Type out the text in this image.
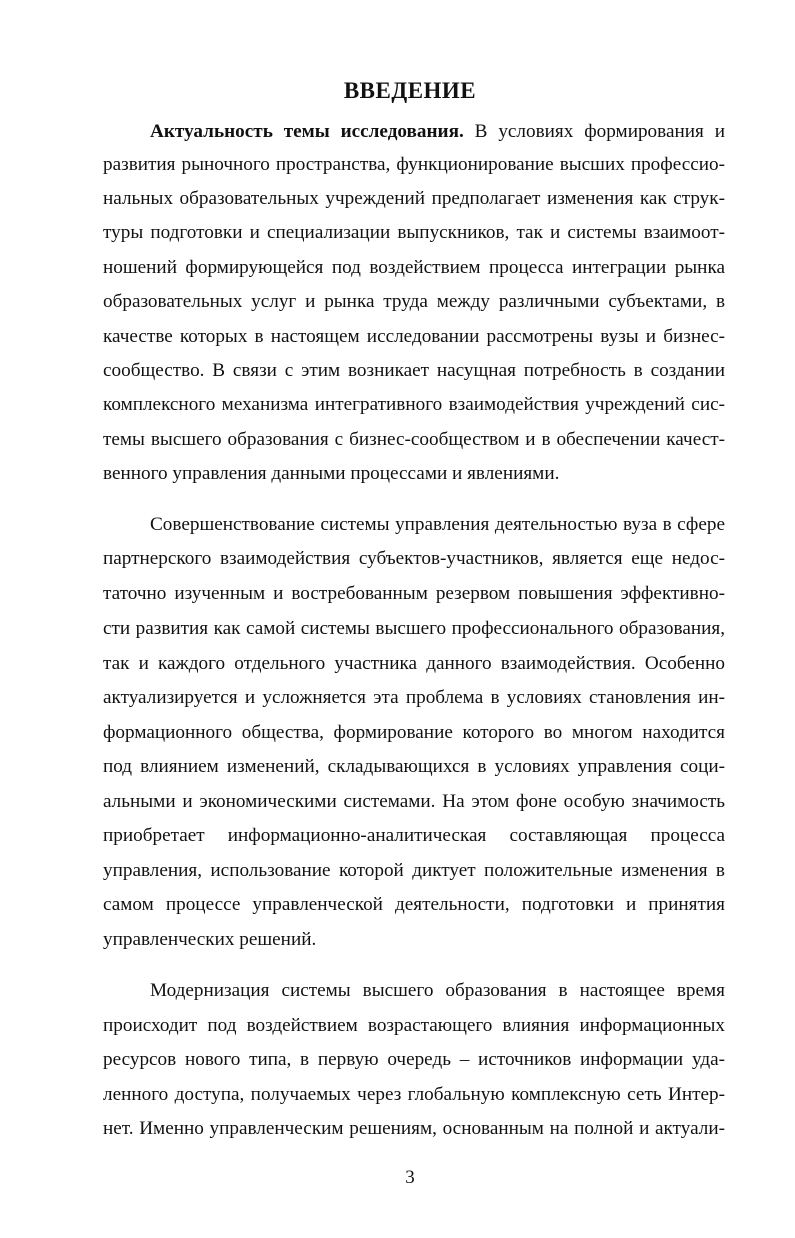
ВВЕДЕНИЕ
Актуальность темы исследования. В условиях формирования и
развития рыночного пространства, функционирование высших профессио-
нальных образовательных учреждений предполагает изменения как струк-
туры подготовки и специализации выпускников, так и системы взаимоот-
ношений формирующейся под воздействием процесса интеграции рынка
образовательных услуг и рынка труда между различными субъектами, в
качестве которых в настоящем исследовании рассмотрены вузы и бизнес-
сообщество. В связи с этим возникает насущная потребность в создании
комплексного механизма интегративного взаимодействия учреждений сис-
темы высшего образования с бизнес-сообществом и в обеспечении качест-
венного управления данными процессами и явлениями.
Совершенствование системы управления деятельностью вуза в сфере
партнерского взаимодействия субъектов-участников, является еще недос-
таточно изученным и востребованным резервом повышения эффективно-
сти развития как самой системы высшего профессионального образования,
так и каждого отдельного участника данного взаимодействия. Особенно
актуализируется и усложняется эта проблема в условиях становления ин-
формационного общества, формирование которого во многом находится
под влиянием изменений, складывающихся в условиях управления соци-
альными и экономическими системами. На этом фоне особую значимость
приобретает информационно-аналитическая составляющая процесса
управления, использование которой диктует положительные изменения в
самом процессе управленческой деятельности, подготовки и принятия
управленческих решений.
Модернизация системы высшего образования в настоящее время
происходит под воздействием возрастающего влияния информационных
ресурсов нового типа, в первую очередь – источников информации уда-
ленного доступа, получаемых через глобальную комплексную сеть Интер-
нет. Именно управленческим решениям, основанным на полной и актуали-
3
